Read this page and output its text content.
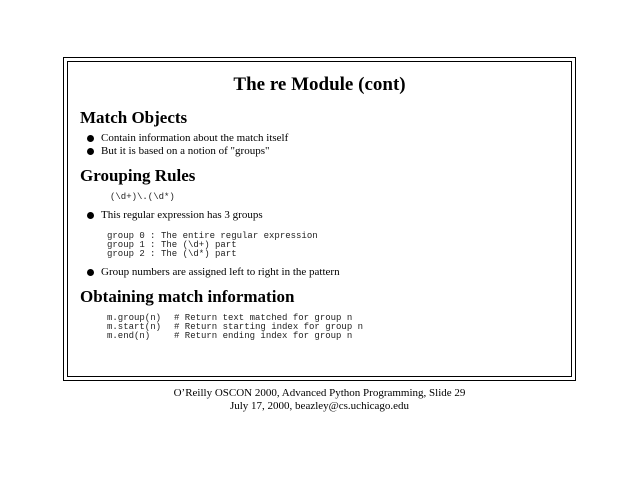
The re Module (cont)
Match Objects
Contain information about the match itself
But it is based on a notion of "groups"
Grouping Rules
(\d+)\.(\d*)
This regular expression has 3 groups
group 0 : The entire regular expression
group 1 : The (\d+) part
group 2 : The (\d*) part
Group numbers are assigned left to right in the pattern
Obtaining match information
m.group(n) # Return text matched for group n
m.start(n) # Return starting index for group n
m.end(n)	# Return ending index for group n
O’Reilly OSCON 2000, Advanced Python Programming, Slide 29
July 17, 2000, beazley@cs.uchicago.edu
